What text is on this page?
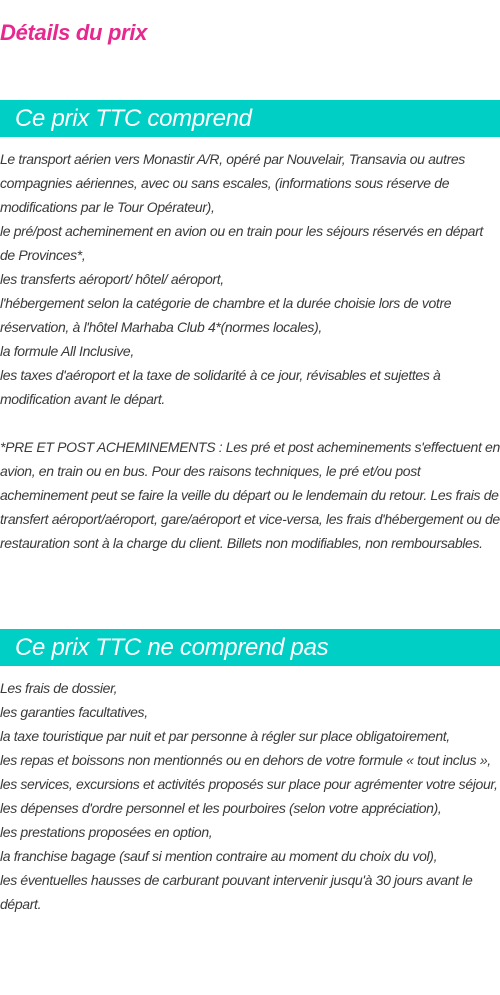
Détails du prix
Ce prix TTC comprend

Le transport aérien vers Monastir A/R, opéré par Nouvelair, Transavia ou autres compagnies aériennes, avec ou sans escales, (informations sous réserve de modifications par le Tour Opérateur),

le pré/post acheminement en avion ou en train pour les séjours réservés en départ de Provinces*,

les transferts aéroport/ hôtel/ aéroport,

l'hébergement selon la catégorie de chambre et la durée choisie lors de votre réservation, à l'hôtel Marhaba Club 4*(normes locales),

la formule All Inclusive,

les taxes d'aéroport et la taxe de solidarité à ce jour, révisables et sujettes à modification avant le départ.

*PRE ET POST ACHEMINEMENTS : Les pré et post acheminements s'effectuent en avion, en train ou en bus. Pour des raisons techniques, le pré et/ou post acheminement peut se faire la veille du départ ou le lendemain du retour. Les frais de transfert aéroport/aéroport, gare/aéroport et vice-versa, les frais d'hébergement ou de restauration sont à la charge du client. Billets non modifiables, non remboursables.

Ce prix TTC ne comprend pas

Les frais de dossier,

les garanties facultatives,

la taxe touristique par nuit et par personne à régler sur place obligatoirement,

les repas et boissons non mentionnés ou en dehors de votre formule « tout inclus »,

les services, excursions et activités proposés sur place pour agrémenter votre séjour,

les dépenses d'ordre personnel et les pourboires (selon votre appréciation),

les prestations proposées en option,

la franchise bagage (sauf si mention contraire au moment du choix du vol),

les éventuelles hausses de carburant pouvant intervenir jusqu'à 30 jours avant le départ.
